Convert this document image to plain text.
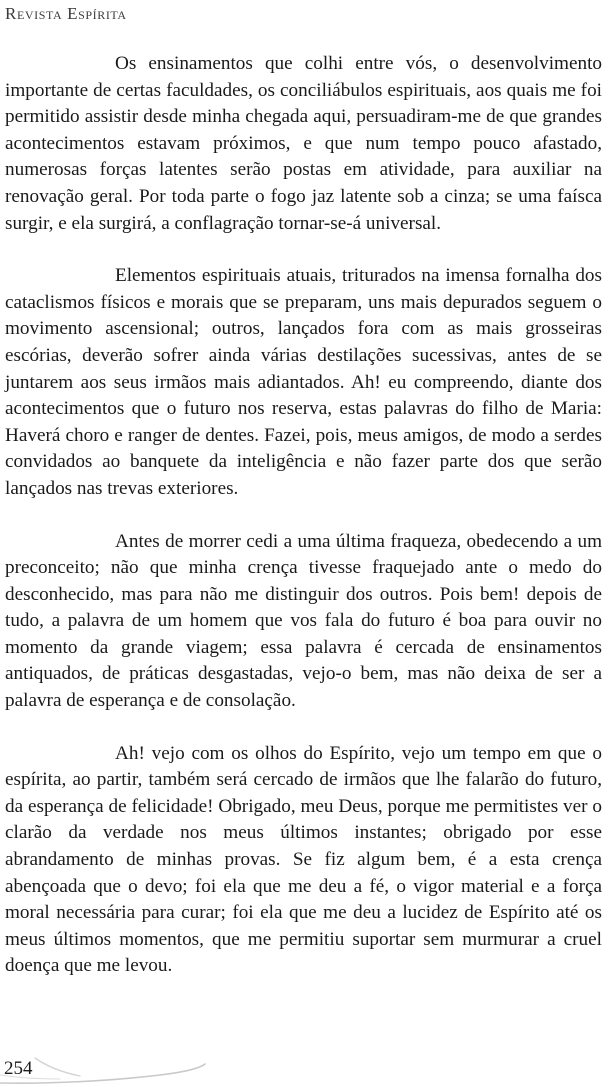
Revista Espírita

Os ensinamentos que colhi entre vós, o desenvolvimento importante de certas faculdades, os conciliábulos espirituais, aos quais me foi permitido assistir desde minha chegada aqui, persuadiram-me de que grandes acontecimentos estavam próximos, e que num tempo pouco afastado, numerosas forças latentes serão postas em atividade, para auxiliar na renovação geral. Por toda parte o fogo jaz latente sob a cinza; se uma faísca surgir, e ela surgirá, a conflagração tornar-se-á universal.

Elementos espirituais atuais, triturados na imensa fornalha dos cataclismos físicos e morais que se preparam, uns mais depurados seguem o movimento ascensional; outros, lançados fora com as mais grosseiras escórias, deverão sofrer ainda várias destilações sucessivas, antes de se juntarem aos seus irmãos mais adiantados. Ah! eu compreendo, diante dos acontecimentos que o futuro nos reserva, estas palavras do filho de Maria: Haverá choro e ranger de dentes. Fazei, pois, meus amigos, de modo a serdes convidados ao banquete da inteligência e não fazer parte dos que serão lançados nas trevas exteriores.

Antes de morrer cedi a uma última fraqueza, obedecendo a um preconceito; não que minha crença tivesse fraquejado ante o medo do desconhecido, mas para não me distinguir dos outros. Pois bem! depois de tudo, a palavra de um homem que vos fala do futuro é boa para ouvir no momento da grande viagem; essa palavra é cercada de ensinamentos antiquados, de práticas desgastadas, vejo-o bem, mas não deixa de ser a palavra de esperança e de consolação.

Ah! vejo com os olhos do Espírito, vejo um tempo em que o espírita, ao partir, também será cercado de irmãos que lhe falarão do futuro, da esperança de felicidade! Obrigado, meu Deus, porque me permitistes ver o clarão da verdade nos meus últimos instantes; obrigado por esse abrandamento de minhas provas. Se fiz algum bem, é a esta crença abençoada que o devo; foi ela que me deu a fé, o vigor material e a força moral necessária para curar; foi ela que me deu a lucidez de Espírito até os meus últimos momentos, que me permitiu suportar sem murmurar a cruel doença que me levou.

254
